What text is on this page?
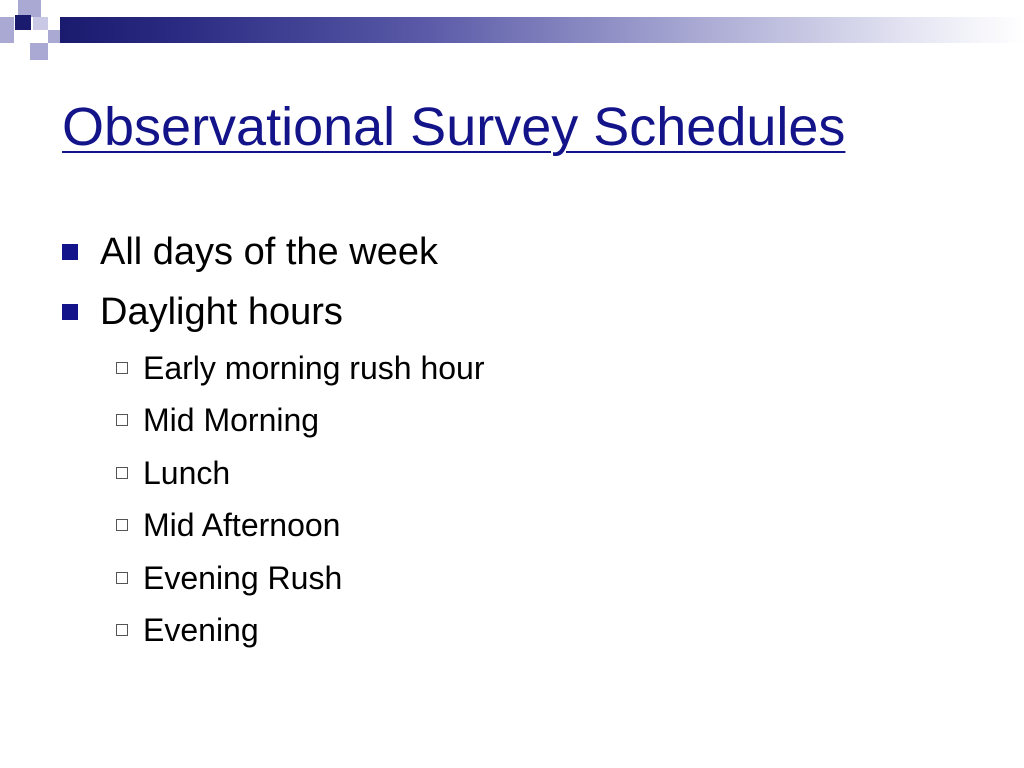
Observational Survey Schedules
All days of the week
Daylight hours
Early morning rush hour
Mid Morning
Lunch
Mid Afternoon
Evening Rush
Evening
